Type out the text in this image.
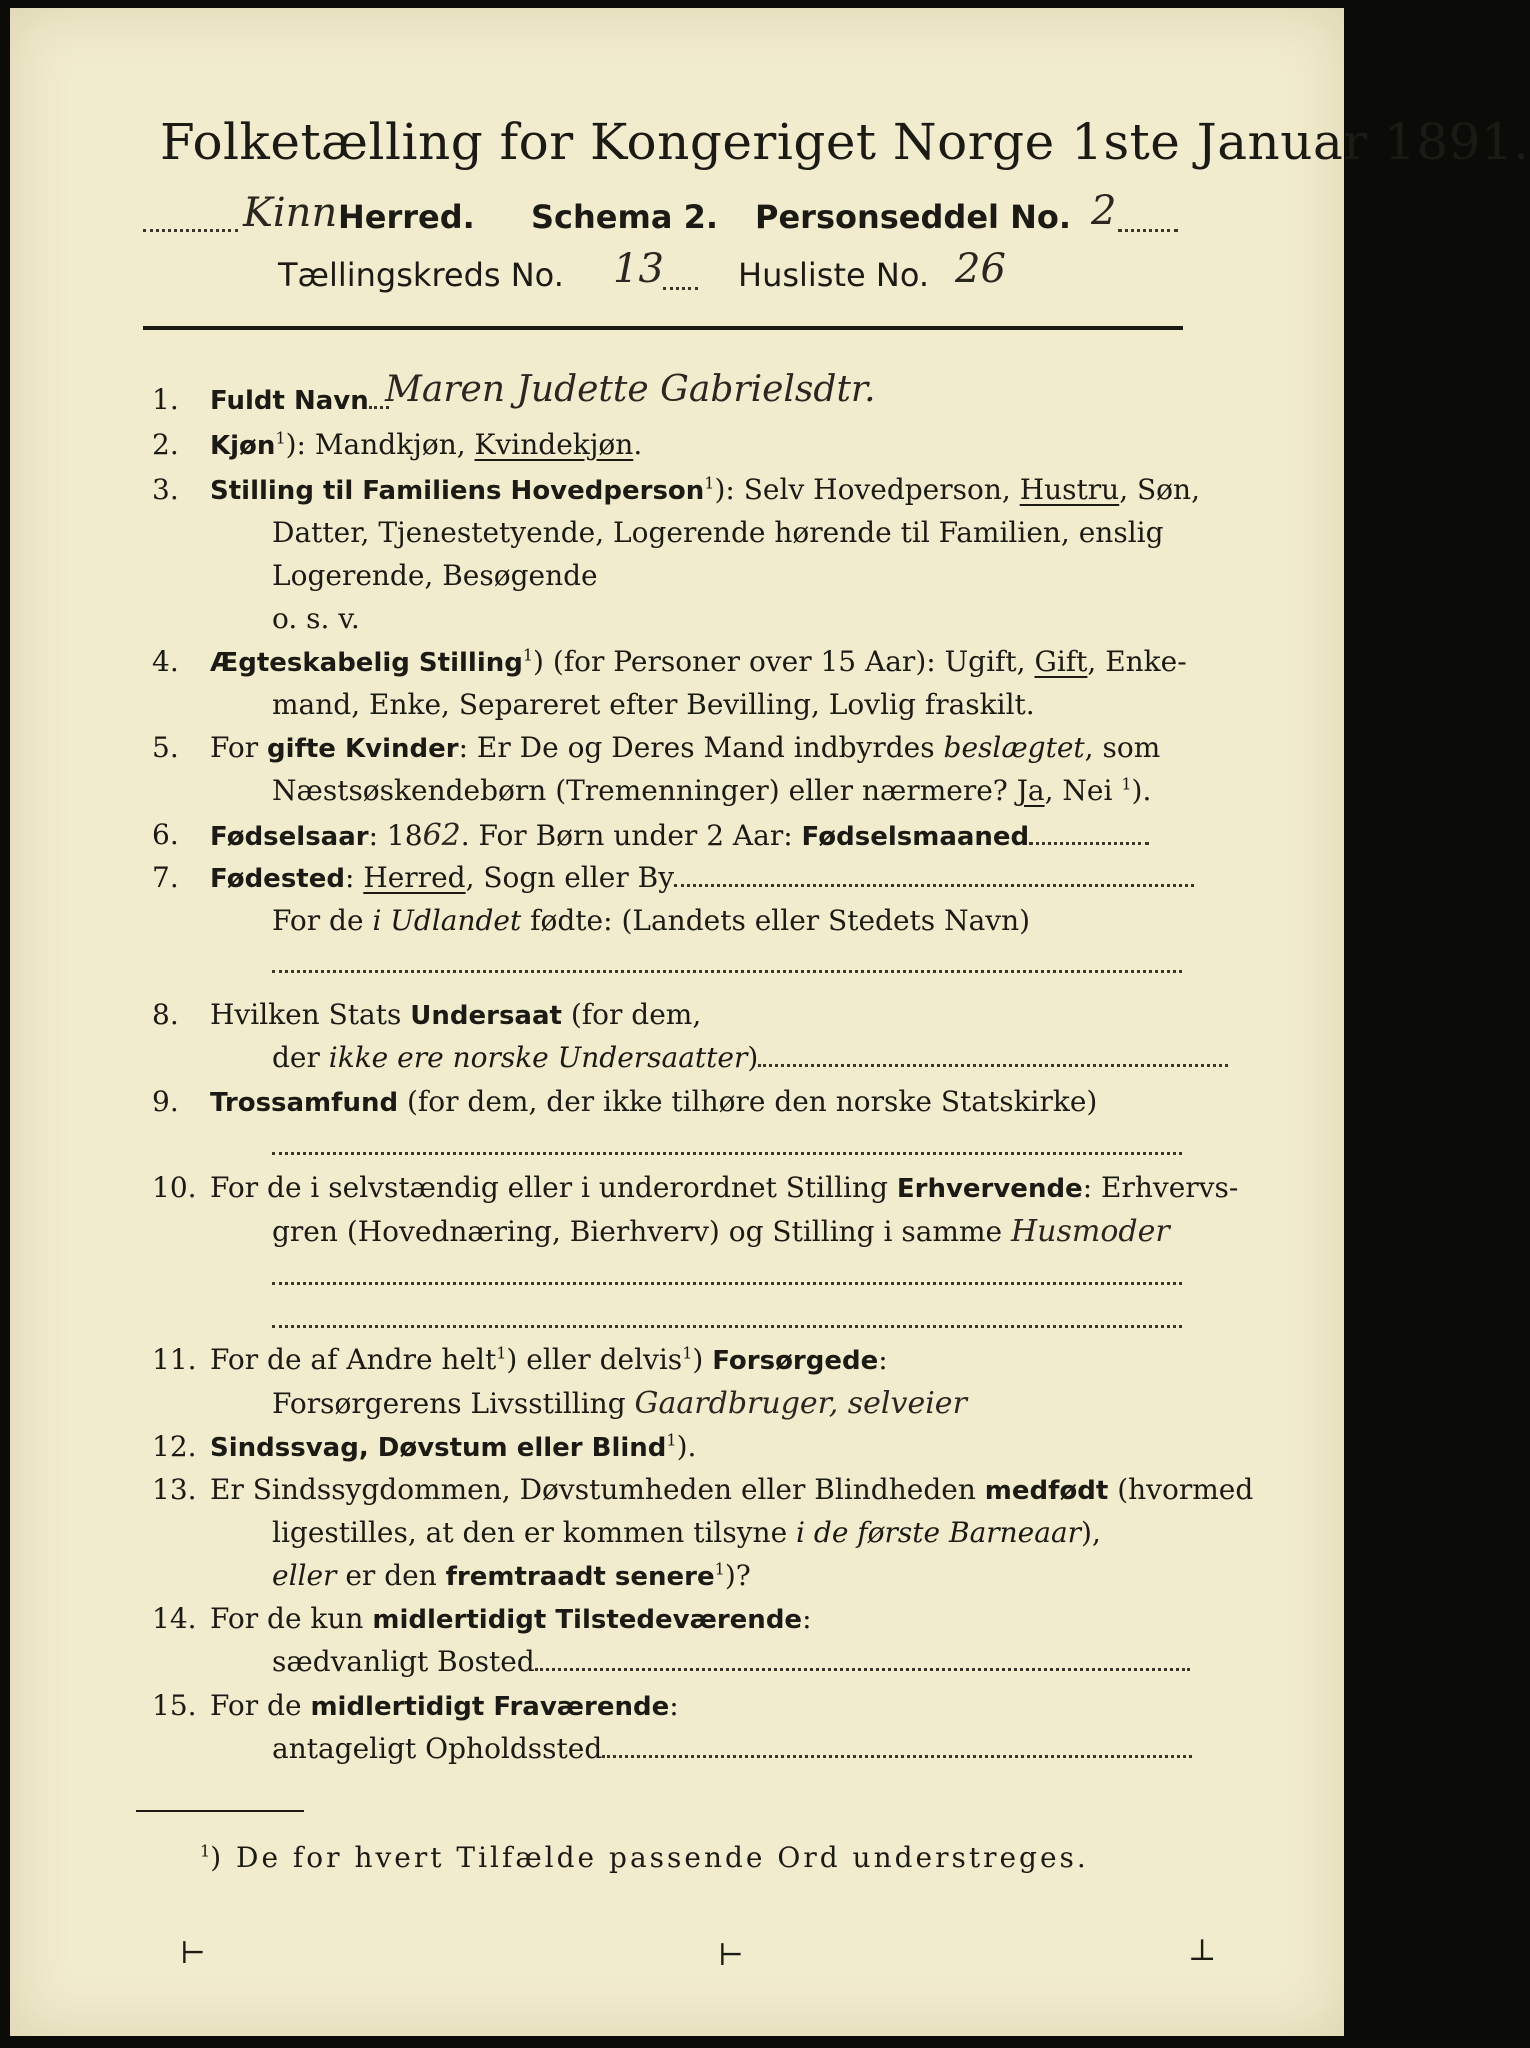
Folketælling for Kongeriget Norge 1ste Januar 1891.
Kinn Herred. Schema 2. Personseddel No. 2
Tællingskreds No. 13 Husliste No. 26
1.	Fuldt Navn Maren Judette Gabrielsdtr.
2.	Kjøn$^1$): Mandkjøn, Kvindekjøn.
3.	Stilling til Familiens Hovedperson$^1$): Selv Hovedperson, Hustru, Søn,
Datter, Tjenestetyende, Logerende hørende til Familien, enslig
Logerende, Besøgende
o. s. v.
4.	Ægteskabelig Stilling$^1$) (for Personer over 15 Aar): Ugift, Gift, Enke-
mand, Enke, Separeret efter Bevilling, Lovlig fraskilt.
5.	For gifte Kvinder: Er De og Deres Mand indbyrdes beslægtet, som
Næstsøskendebørn (Tremenninger) eller nærmere? Ja, Nei $^1$).
6.	Fødselsaar: 1862. For Børn under 2 Aar: Fødselsmaaned
7.	Fødested: Herred, Sogn eller By
For de i Udlandet fødte: (Landets eller Stedets Navn)
8.	Hvilken Stats Undersaat (for dem,
der ikke ere norske Undersaatter)
9.	Trossamfund (for dem, der ikke tilhøre den norske Statskirke)
10. For de i selvstændig eller i underordnet Stilling Erhvervende: Erhvervs-
gren (Hovednæring, Bierhverv) og Stilling i samme Husmoder
11. For de af Andre helt$^1$) eller delvis$^1$) Forsørgede:
Forsørgerens Livsstilling Gaardbruger, selveier
12. Sindssvag, Døvstum eller Blind$^1$).
13. Er Sindssygdommen, Døvstumheden eller Blindheden medfødt (hvormed
ligestilles, at den er kommen tilsyne i de første Barneaar),
eller er den fremtraadt senere$^1$)?
14. For de kun midlertidigt Tilstedeværende:
sædvanligt Bosted
15. For de midlertidigt Fraværende:
antageligt Opholdssted
$^1$) De for hvert Tilfælde passende Ord understreges.
⊢	⊢	⊥
